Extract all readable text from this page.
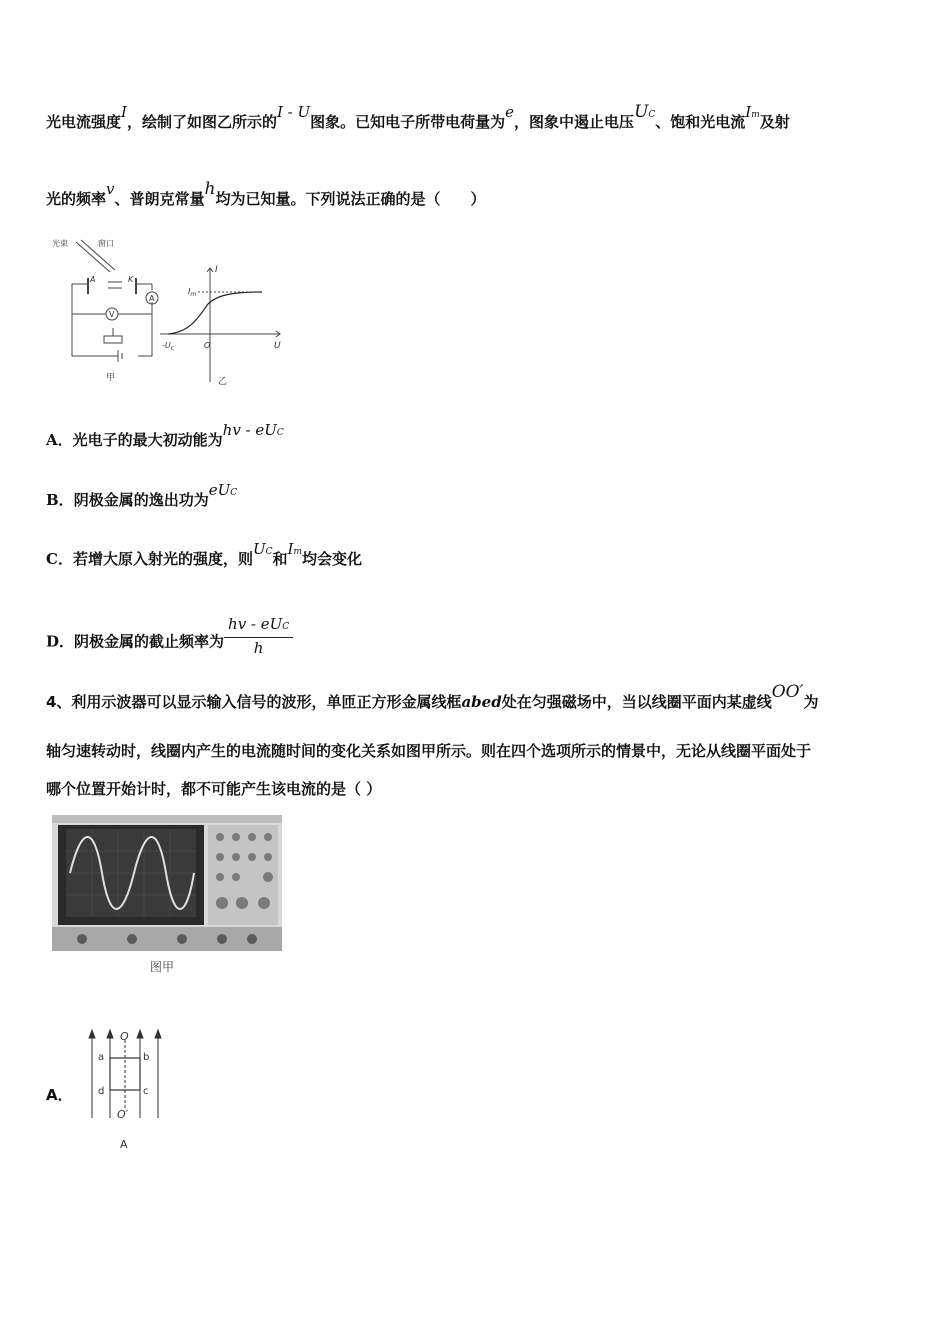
光电流强度I，绘制了如图乙所示的I - U图象。已知电子所带电荷量为e，图象中遏止电压UC、饱和光电流Im及射
光的频率v、普朗克常量h均为已知量。下列说法正确的是（　　）
光束	窗口
A	K
A
V
甲
I
U
$I_m$
$-U_c$	O
乙
A．光电子的最大初动能为hv - eUC
B．阴极金属的逸出功为eUC
C．若增大原入射光的强度，则UC和Im均会变化
D．阴极金属的截止频率为 $\frac{\text{hv - eUC}}{h}$
4、利用示波器可以显示输入信号的波形，单匝正方形金属线框abed处在匀强磁场中，当以线圈平面内某虚线OO′为
轴匀速转动时，线圈内产生的电流随时间的变化关系如图甲所示。则在四个选项所示的情景中，无论从线圈平面处于
哪个位置开始计时，都不可能产生该电流的是（ ）
图甲
A．
O
O′
a	b
c
d
A
